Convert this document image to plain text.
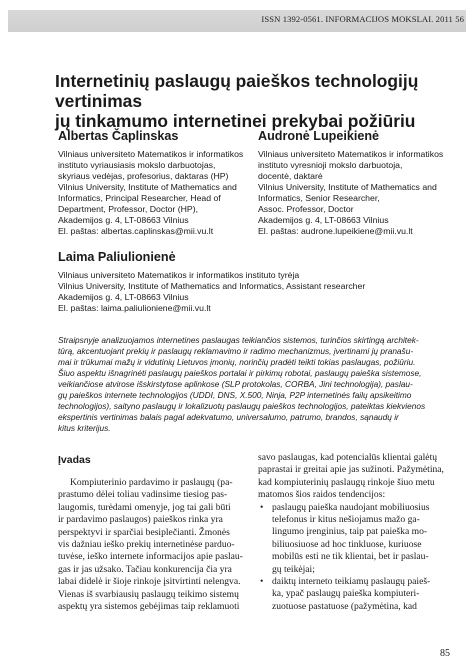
ISSN 1392-0561. INFORMACIJOS MOKSLAI. 2011 56
Internetinių paslaugų paieškos technologijų vertinimas
jų tinkamumo internetinei prekybai požiūriu
Albertas Čaplinskas
Vilniaus universiteto Matematikos ir informatikos
instituto vyriausiasis mokslo darbuotojas,
skyriaus vedėjas, profesorius, daktaras (HP)
Vilnius University, Institute of Mathematics and
Informatics, Principal Researcher, Head of
Department, Professor, Doctor (HP),
Akademijos g. 4, LT-08663 Vilnius
El. paštas: albertas.caplinskas@mii.vu.lt
Audronė Lupeikienė
Vilniaus universiteto Matematikos ir informatikos
instituto vyresnioji mokslo darbuotoja,
docentė, daktarė
Vilnius University, Institute of Mathematics and
Informatics, Senior Researcher,
Assoc. Professor, Doctor
Akademijos g. 4, LT-08663 Vilnius
El. paštas: audrone.lupeikiene@mii.vu.lt
Laima Paliulionienė
Vilniaus universiteto Matematikos ir informatikos instituto tyrėja
Vilnius University, Institute of Mathematics and Informatics, Assistant researcher
Akademijos g. 4, LT-08663 Vilnius
El. paštas: laima.paliulioniene@mii.vu.lt
Straipsnyje analizuojamos internetines paslaugas teikiančios sistemos, turinčios skirtingą architek-
tūrą, akcentuojant prekių ir paslaugų reklamavimo ir radimo mechanizmus, įvertinami jų pranašu-
mai ir trūkumai mažų ir vidutinių Lietuvos įmonių, norinčių pradėti teikti tokias paslaugas, požiūriu.
Šiuo aspektu išnagrinėti paslaugų paieškos portalai ir pirkimų robotai, paslaugų paieška sistemose,
veikiančiose atvirose išskirstytose aplinkose (SLP protokolas, CORBA, Jini technologija), paslau-
gų paieškos internete technologijos (UDDI, DNS, X.500, Ninja, P2P internetinės failų apsikeitimo
technologijos), saityno paslaugų ir lokalizuotų paslaugų paieškos technologijos, pateiktas kiekvienos
ekspertinis vertinimas balais pagal adekvatumo, universalumo, patrumo, brandos, sąnaudų ir
kitus kriterijus.
Įvadas
Kompiuterinio pardavimo ir paslaugų (pa-
prastumo dėlei toliau vadinsime tiesiog pas-
laugomis, turėdami omenyje, jog tai gali būti
ir pardavimo paslaugos) paieškos rinka yra
perspektyvi ir sparčiai besiplečianti. Žmonės
vis dažniau ieško prekių internetinėse parduo-
tuvėse, ieško internete informacijos apie paslau-
gas ir jas užsako. Tačiau konkurencija čia yra
labai didelė ir šioje rinkoje įsitvirtinti nelengva.
Vienas iš svarbiausių paslaugų teikimo sistemų
aspektų yra sistemos gebėjimas taip reklamuoti
savo paslaugas, kad potencialūs klientai galėtų
paprastai ir greitai apie jas sužinoti. Pažymėtina,
kad kompiuterinių paslaugų rinkoje šiuo metu
matomos šios raidos tendencijos:
• paslaugų paieška naudojant mobiliuosius
telefonus ir kitus nešiojamus mažo ga-
lingumo įrenginius, taip pat paieška mo-
biliuosiuose ad hoc tinkluose, kuriuose
mobilūs esti ne tik klientai, bet ir paslau-
gų teikėjai;
• daiktų interneto teikiamų paslaugų paieš-
ka, ypač paslaugų paieška kompiuteri-
zuotuose pastatuose (pažymėtina, kad
85
